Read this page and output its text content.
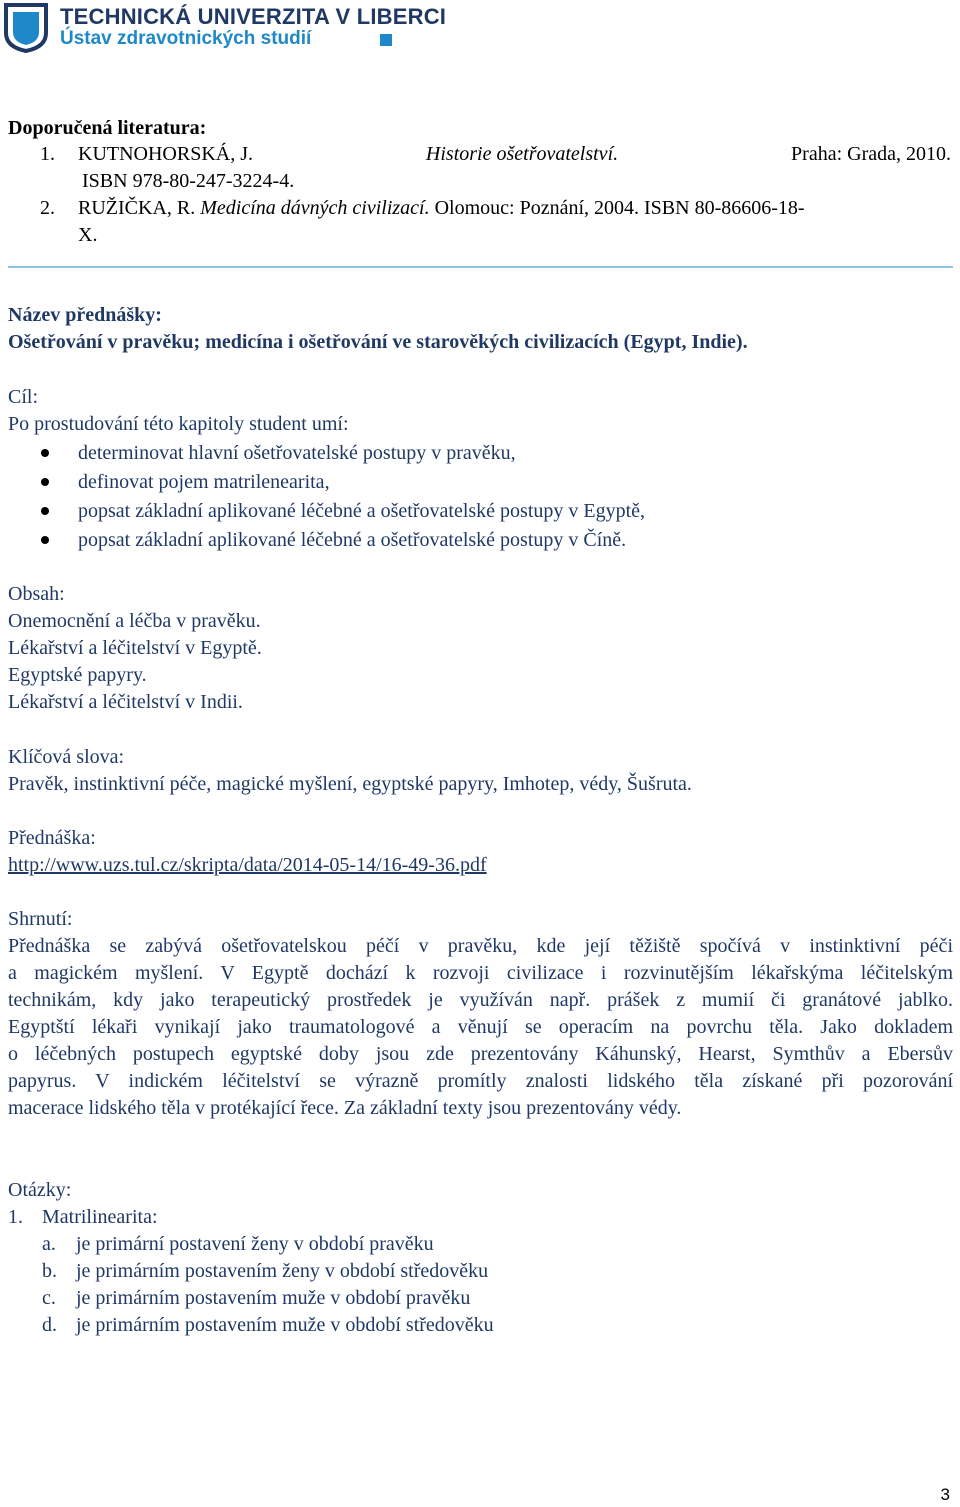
TECHNICKÁ UNIVERZITA V LIBERCI
Ústav zdravotnických studií
Doporučená literatura:
1. KUTNOHORSKÁ, J.	Historie ošetřovatelství.	Praha: Grada, 2010.
ISBN 978-80-247-3224-4.
2. RUŽIČKA, R. Medicína dávných civilizací. Olomouc: Poznání, 2004. ISBN 80-86606-18-
X.
Název přednášky:
Ošetřování v pravěku; medicína i ošetřování ve starověkých civilizacích (Egypt, Indie).
Cíl:
Po prostudování této kapitoly student umí:
determinovat hlavní ošetřovatelské postupy v pravěku,
definovat pojem matrilenearita,
popsat základní aplikované léčebné a ošetřovatelské postupy v Egyptě,
popsat základní aplikované léčebné a ošetřovatelské postupy v Číně.
Obsah:
Onemocnění a léčba v pravěku.
Lékařství a léčitelství v Egyptě.
Egyptské papyry.
Lékařství a léčitelství v Indii.
Klíčová slova:
Pravěk, instinktivní péče, magické myšlení, egyptské papyry, Imhotep, védy, Šušruta.
Přednáška:
http://www.uzs.tul.cz/skripta/data/2014-05-14/16-49-36.pdf
Shrnutí:
Přednáška se zabývá ošetřovatelskou péčí v pravěku, kde její těžiště spočívá v instinktivní péči
a magickém myšlení. V Egyptě dochází k rozvoji civilizace i rozvinutějším lékařskýma léčitelským
technikám, kdy jako terapeutický prostředek je využíván např. prášek z mumií či granátové jablko.
Egyptští lékaři vynikají jako traumatologové a věnují se operacím na povrchu těla. Jako dokladem
o léčebných postupech egyptské doby jsou zde prezentovány Káhunský, Hearst, Symthův a Ebersův
papyrus. V indickém léčitelství se výrazně promítly znalosti lidského těla získané při pozorování
macerace lidského těla v protékající řece. Za základní texty jsou prezentovány védy.
Otázky:
1. Matrilinearita:
a. je primární postavení ženy v období pravěku
b. je primárním postavením ženy v období středověku
c. je primárním postavením muže v období pravěku
d. je primárním postavením muže v období středověku
3
